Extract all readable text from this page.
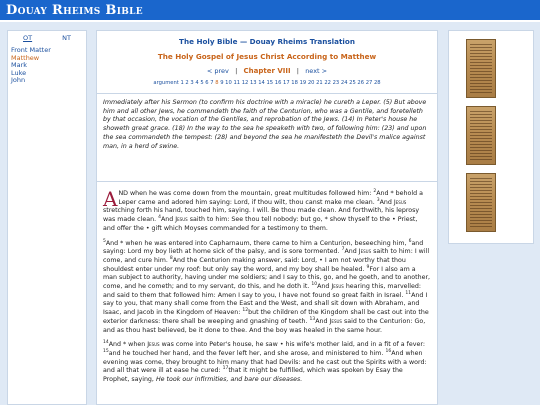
Douay Rheims Bible
OT	NT
Front Matter
Matthew
Mark
Luke
John
The Holy Bible — Douay Rheims Translation
The Holy Gospel of Jesus Christ According to Matthew
< prev | Chapter VIII | next >
argument 1 2 3 4 5 6 7 8 9 10 11 12 13 14 15 16 17 18 19 20 21 22 23 24 25 26 27 28
Immediately after his Sermon (to confirm his doctrine with a miracle) he cureth a Leper. (5) But above him and all other Jews, he commendeth the faith of the Centurion, who was a Gentile, and foretelleth by that occasion, the vocation of the Gentiles, and reprobation of the Jews. (14) In Peter's house he showeth great grace. (18) In the way to the sea he speaketh with two, of following him: (23) and upon the sea commandeth the tempest: (28) and beyond the sea he manifesteth the Devil's malice against man, in a herd of swine.
A ND when he was come down from the mountain, great multitudes followed him: $^2$And * behold a Leper came and adored him saying: Lord, if thou wilt, thou canst make me clean. $^3$And Jesus stretching forth his hand, touched him, saying. I will. Be thou made clean. And forthwith, his leprosy was made clean. $^4$And Jesus saith to him: See thou tell nobody: but go, * show thyself to the • Priest, and offer the • gift which Moyses commanded for a testimony to them.
$^5$And * when he was entered into Capharnaum, there came to him a Centurion, beseeching him, $^6$and saying: Lord my boy lieth at home sick of the palsy, and is sore tormented. $^7$And Jesus saith to him: I will come, and cure him. $^8$And the Centurion making answer, said: Lord, • I am not worthy that thou shouldest enter under my roof: but only say the word, and my boy shall be healed. $^9$For I also am a man subject to authority, having under me soldiers; and I say to this, go, and he goeth, and to another, come, and he cometh; and to my servant, do this, and he doth it. $^{10}$And Jesus hearing this, marvelled: and said to them that followed him: Amen I say to you, I have not found so great faith in Israel. $^{11}$And I say to you, that many shall come from the East and the West, and shall sit down with Abraham, and Isaac, and Jacob in the Kingdom of Heaven: $^{12}$but the children of the Kingdom shall be cast out into the exterior darkness: there shall be weeping and gnashing of teeth. $^{13}$And Jesus said to the Centurion: Go, and as thou hast believed, be it done to thee. And the boy was healed in the same hour.
$^{14}$And * when Jesus was come into Peter's house, he saw • his wife's mother laid, and in a fit of a fever: $^{15}$and he touched her hand, and the fever left her, and she arose, and ministered to him. $^{16}$And when evening was come, they brought to him many that had Devils: and he cast out the Spirits with a word: and all that were ill at ease he cured: $^{17}$that it might be fulfilled, which was spoken by Esay the Prophet, saying, He took our infirmities, and bare our diseases.
